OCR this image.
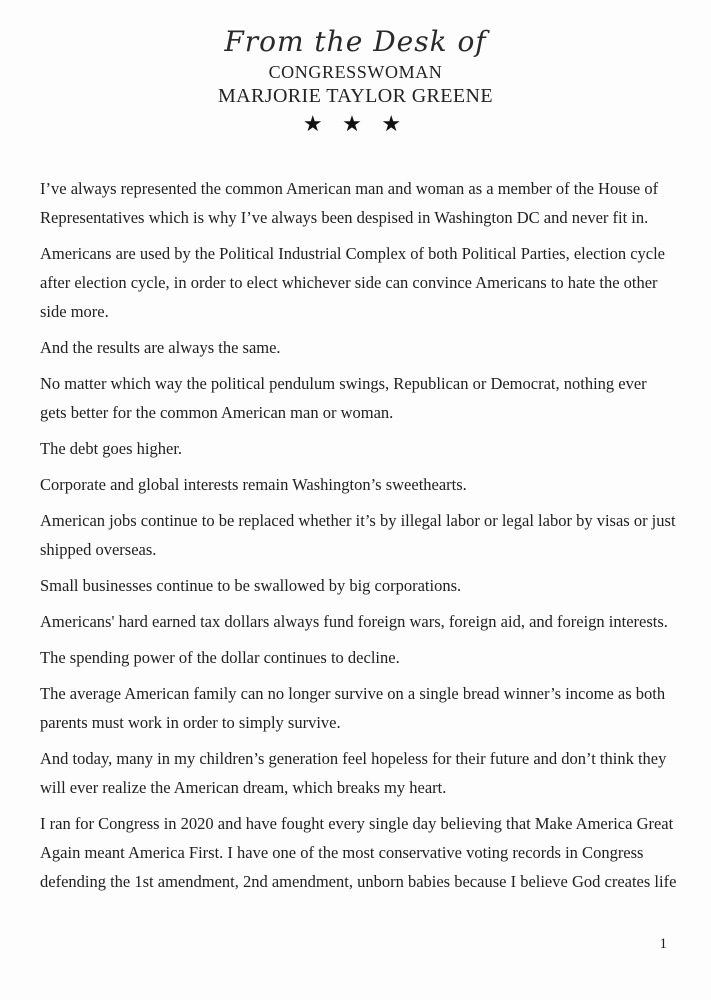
From the Desk of
CONGRESSWOMAN
MARJORIE TAYLOR GREENE
★ ★ ★

I’ve always represented the common American man and woman as a member of the House of Representatives which is why I’ve always been despised in Washington DC and never fit in.

Americans are used by the Political Industrial Complex of both Political Parties, election cycle after election cycle, in order to elect whichever side can convince Americans to hate the other side more.

And the results are always the same.

No matter which way the political pendulum swings, Republican or Democrat, nothing ever gets better for the common American man or woman.

The debt goes higher.

Corporate and global interests remain Washington’s sweethearts.

American jobs continue to be replaced whether it’s by illegal labor or legal labor by visas or just shipped overseas.

Small businesses continue to be swallowed by big corporations.

Americans' hard earned tax dollars always fund foreign wars, foreign aid, and foreign interests.

The spending power of the dollar continues to decline.

The average American family can no longer survive on a single bread winner’s income as both parents must work in order to simply survive.

And today, many in my children’s generation feel hopeless for their future and don’t think they will ever realize the American dream, which breaks my heart.

I ran for Congress in 2020 and have fought every single day believing that Make America Great Again meant America First. I have one of the most conservative voting records in Congress defending the 1st amendment, 2nd amendment, unborn babies because I believe God creates life

1
